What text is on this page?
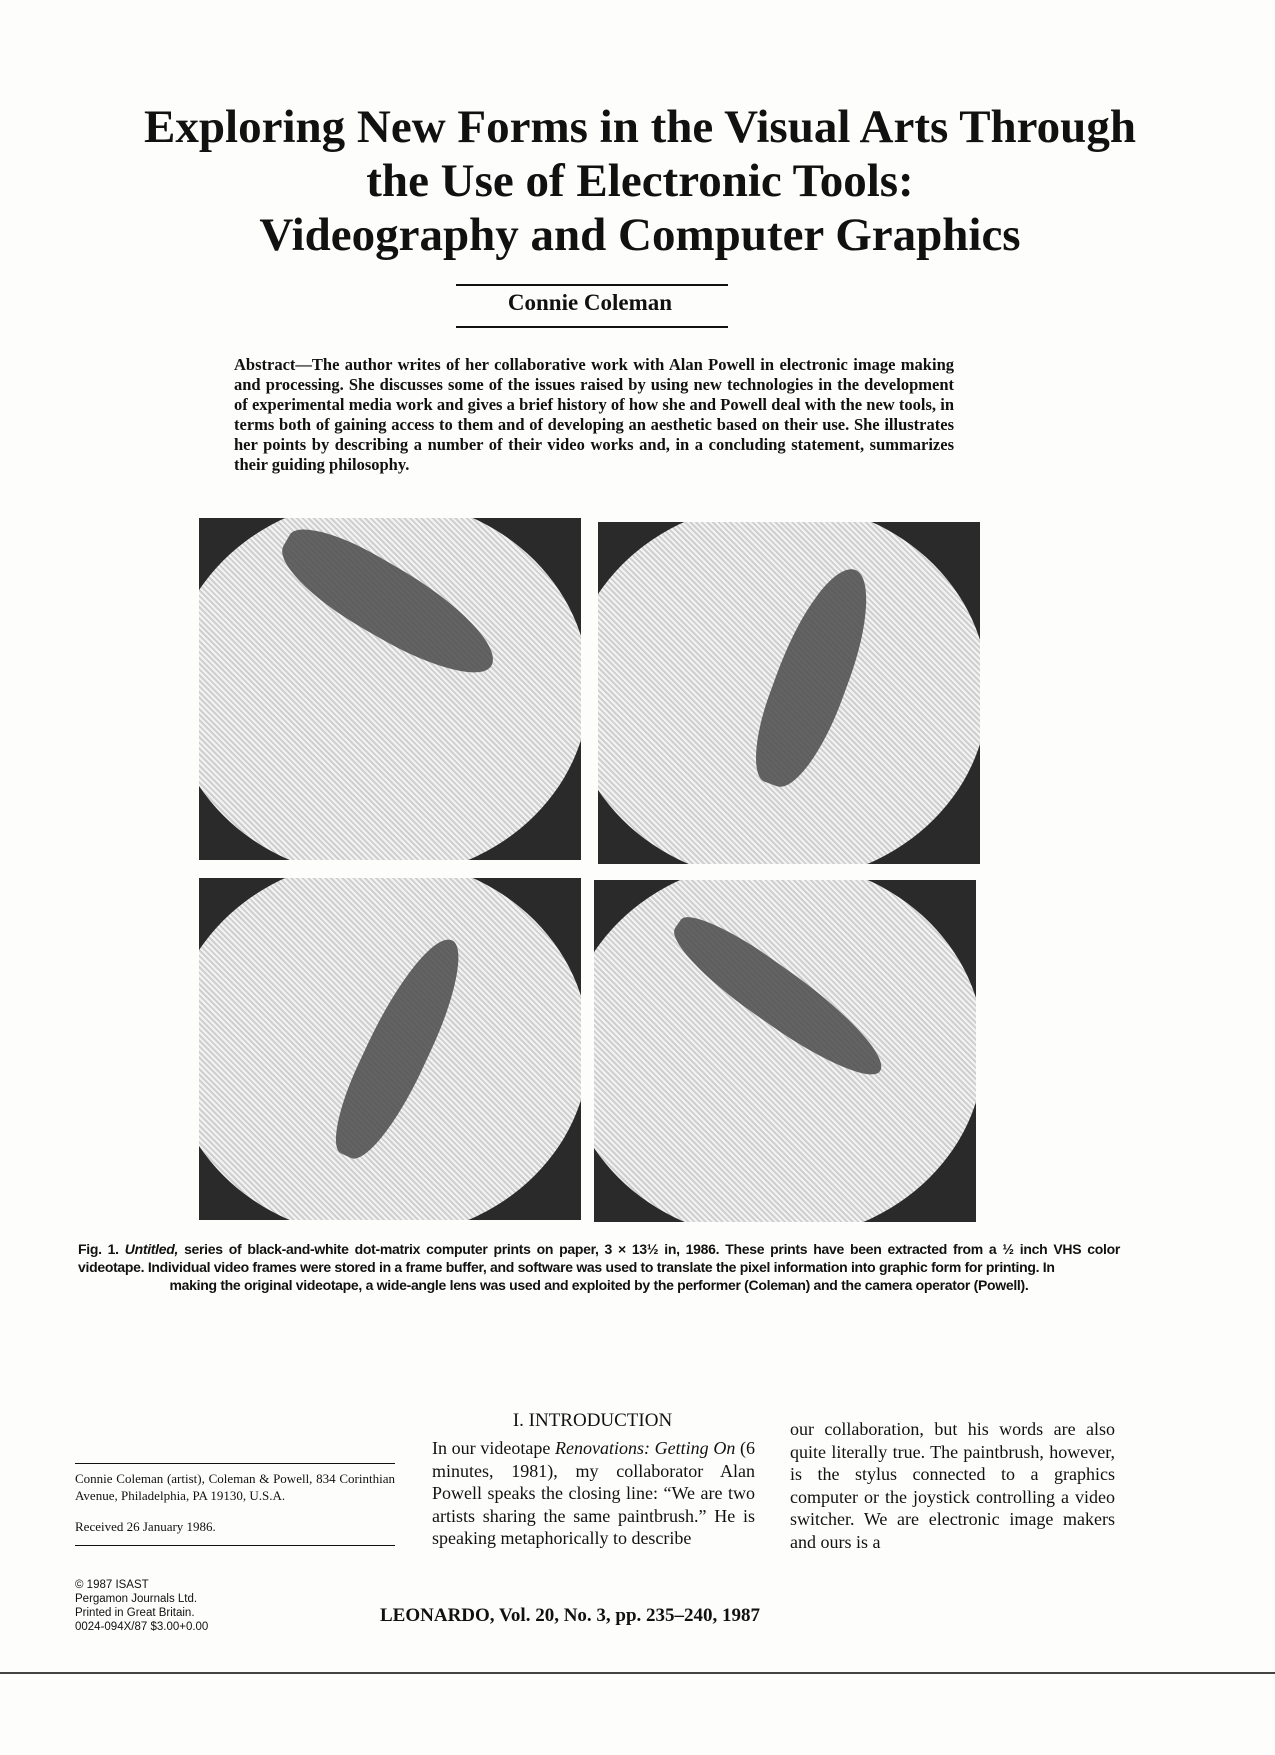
Exploring New Forms in the Visual Arts Through
the Use of Electronic Tools:
Videography and Computer Graphics
Connie Coleman
Abstract—The author writes of her collaborative work with Alan Powell in electronic image making and processing. She discusses some of the issues raised by using new technologies in the development of experimental media work and gives a brief history of how she and Powell deal with the new tools, in terms both of gaining access to them and of developing an aesthetic based on their use. She illustrates her points by describing a number of their video works and, in a concluding statement, summarizes their guiding philosophy.
Fig. 1. Untitled, series of black-and-white dot-matrix computer prints on paper, 3 × 13½ in, 1986. These prints have been extracted from a ½ inch VHS color videotape. Individual video frames were stored in a frame buffer, and software was used to translate the pixel information into graphic form for printing. In
making the original videotape, a wide-angle lens was used and exploited by the performer (Coleman) and the camera operator (Powell).
I. INTRODUCTION
In our videotape Renovations: Getting On (6 minutes, 1981), my collaborator Alan Powell speaks the closing line: “We are two artists sharing the same paintbrush.” He is speaking metaphorically to describe
our collaboration, but his words are also quite literally true. The paintbrush, however, is the stylus connected to a graphics computer or the joystick controlling a video switcher. We are electronic image makers and ours is a
Connie Coleman (artist), Coleman & Powell, 834 Corinthian Avenue, Philadelphia, PA 19130, U.S.A.
Received 26 January 1986.
© 1987 ISAST
Pergamon Journals Ltd.
Printed in Great Britain.
0024-094X/87 $3.00+0.00
LEONARDO, Vol. 20, No. 3, pp. 235–240, 1987
